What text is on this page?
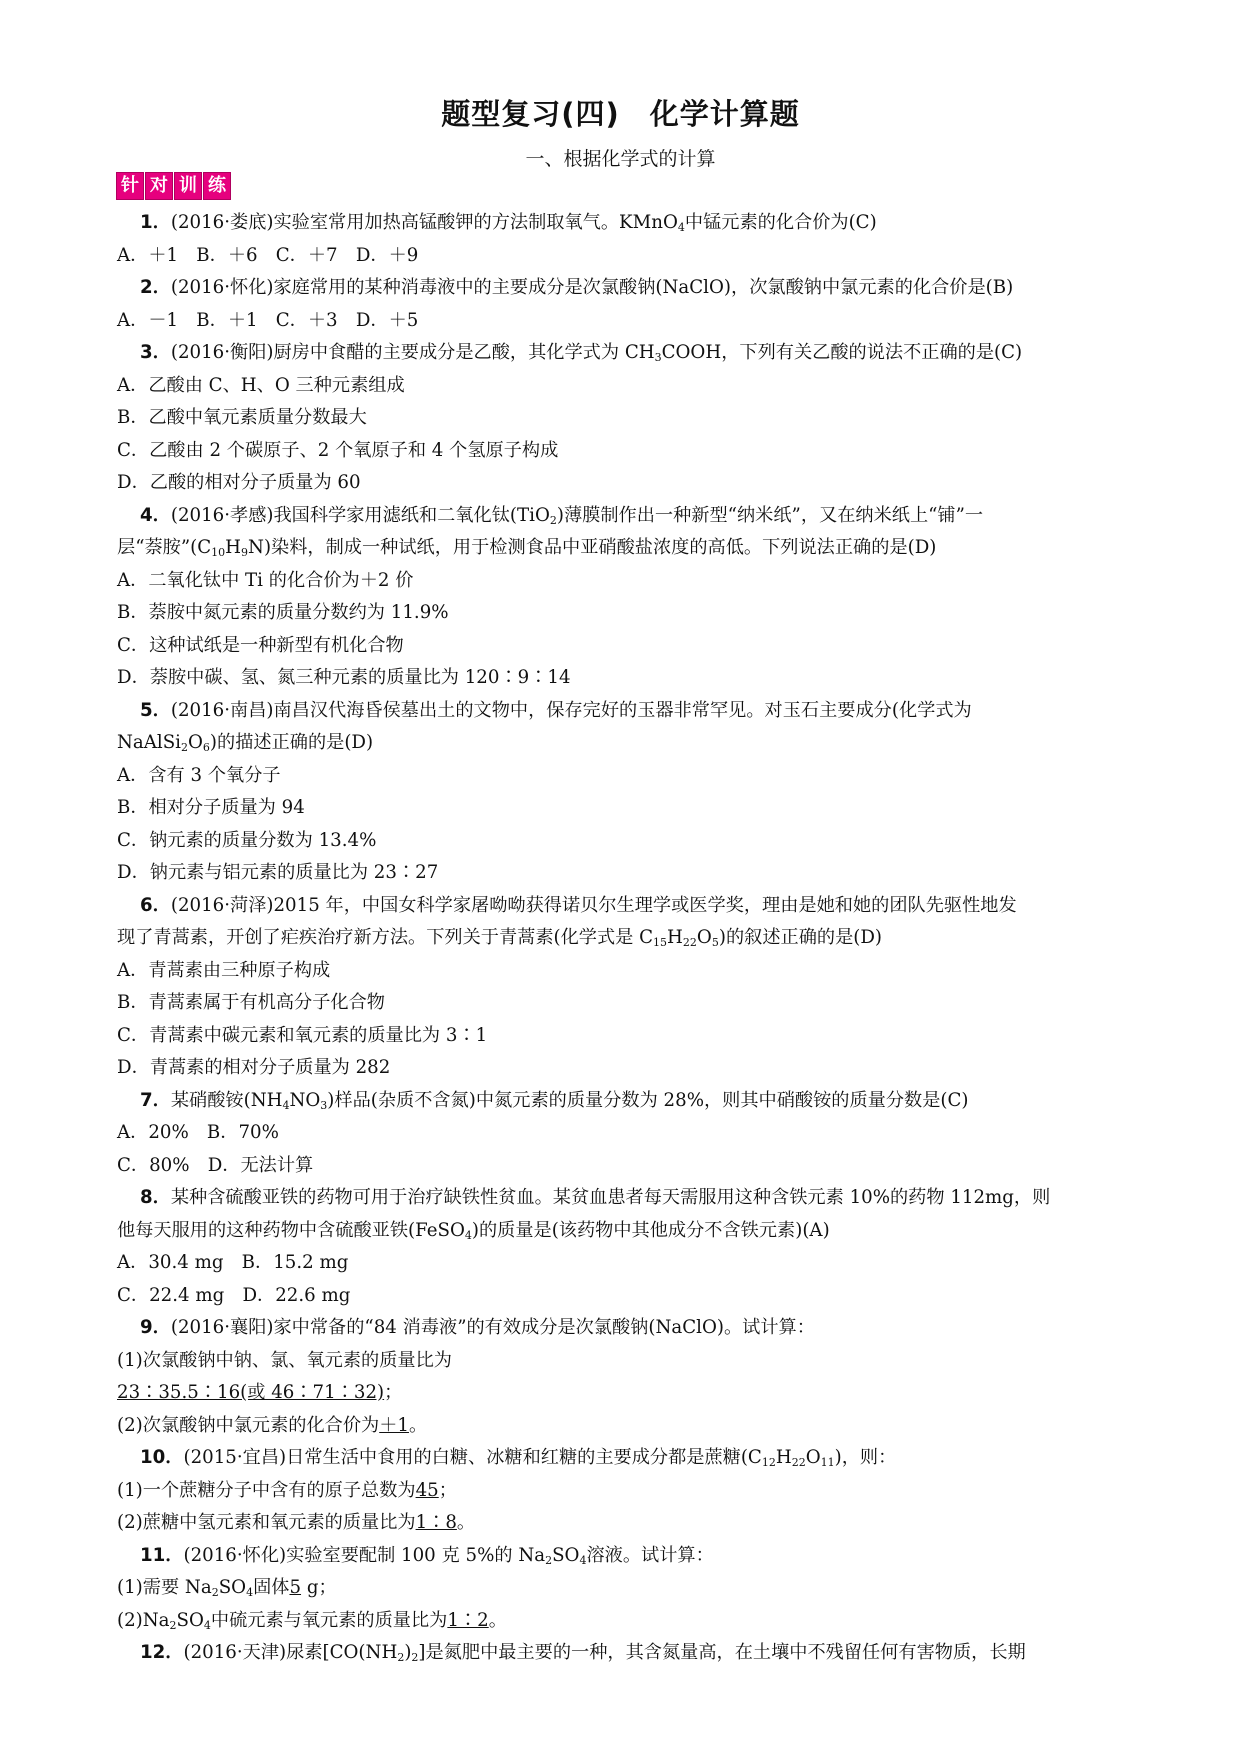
题型复习(四)　化学计算题
一、根据化学式的计算
针 对 训 练
1．(2016·娄底)实验室常用加热高锰酸钾的方法制取氧气。KMnO$_4$中锰元素的化合价为(C)
A．＋1　B．＋6　C．＋7　D．＋9
2．(2016·怀化)家庭常用的某种消毒液中的主要成分是次氯酸钠(NaClO)，次氯酸钠中氯元素的化合价是(B)
A．－1　B．＋1　C．＋3　D．＋5
3．(2016·衡阳)厨房中食醋的主要成分是乙酸，其化学式为 $CH_3COOH$，下列有关乙酸的说法不正确的是(C)
A．乙酸由 C、H、O 三种元素组成
B．乙酸中氧元素质量分数最大
C．乙酸由 2 个碳原子、2 个氧原子和 4 个氢原子构成
D．乙酸的相对分子质量为 60
4．(2016·孝感)我国科学家用滤纸和二氧化钛(TiO$_2$)薄膜制作出一种新型“纳米纸”，又在纳米纸上“铺”一
层“萘胺$”(C_{10}H_9N)$染料，制成一种试纸，用于检测食品中亚硝酸盐浓度的高低。下列说法正确的是(D)
A．二氧化钛中 Ti 的化合价为＋2 价
B．萘胺中氮元素的质量分数约为 11.9%
C．这种试纸是一种新型有机化合物
D．萘胺中碳、氢、氮三种元素的质量比为 120∶9∶14
5．(2016·南昌)南昌汉代海昏侯墓出土的文物中，保存完好的玉器非常罕见。对玉石主要成分(化学式为
$NaAlSi_2O_6$)的描述正确的是(D)
A．含有 3 个氧分子
B．相对分子质量为 94
C．钠元素的质量分数为 13.4%
D．钠元素与铝元素的质量比为 23∶27
6．(2016·菏泽)2015 年，中国女科学家屠呦呦获得诺贝尔生理学或医学奖，理由是她和她的团队先驱性地发
现了青蒿素，开创了疟疾治疗新方法。下列关于青蒿素(化学式是 $C_{15}H_{22}O_5$)的叙述正确的是(D)
A．青蒿素由三种原子构成
B．青蒿素属于有机高分子化合物
C．青蒿素中碳元素和氧元素的质量比为 3∶1
D．青蒿素的相对分子质量为 282
7．某硝酸铵$(NH_4NO_3)$样品(杂质不含氮)中氮元素的质量分数为 28%，则其中硝酸铵的质量分数是(C)
A．20%　B．70%
C．80%　D．无法计算
8．某种含硫酸亚铁的药物可用于治疗缺铁性贫血。某贫血患者每天需服用这种含铁元素 10%的药物 112mg，则
他每天服用的这种药物中含硫酸亚铁(FeSO$_4$)的质量是(该药物中其他成分不含铁元素)(A)
A．30.4 mg　B．15.2 mg
C．22.4 mg　D．22.6 mg
9．(2016·襄阳)家中常备的“84 消毒液”的有效成分是次氯酸钠(NaClO)。试计算：
(1)次氯酸钠中钠、氯、氧元素的质量比为
23∶35.5∶16(或 46∶71∶32)；
(2)次氯酸钠中氯元素的化合价为＋1。
10．(2015·宜昌)日常生活中食用的白糖、冰糖和红糖的主要成分都是蔗糖$(C_{12}H_{22}O_{11})$，则：
(1)一个蔗糖分子中含有的原子总数为45；
(2)蔗糖中氢元素和氧元素的质量比为1∶8。
11．(2016·怀化)实验室要配制 100 克 5%的 $Na_2SO_4$溶液。试计算：
(1)需要 $Na_2SO_4$固体5 g；
$(2)Na_2SO_4$中硫元素与氧元素的质量比为1∶2。
12．(2016·天津)尿素$[CO(NH_2)_2]$是氮肥中最主要的一种，其含氮量高，在土壤中不残留任何有害物质，长期
